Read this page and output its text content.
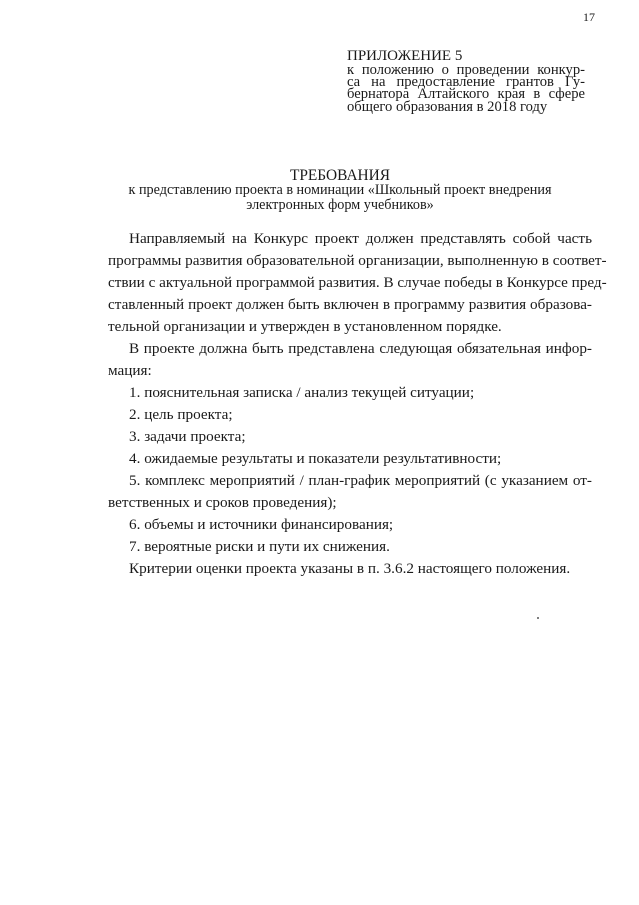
17
ПРИЛОЖЕНИЕ 5
к положению о проведении конкур-
са на предоставление грантов Гу-
бернатора Алтайского края в сфере
общего образования в 2018 году
ТРЕБОВАНИЯ
к представлению проекта в номинации «Школьный проект внедрения
электронных форм учебников»
Направляемый на Конкурс проект должен представлять собой часть
программы развития образовательной организации, выполненную в соответ-
ствии с актуальной программой развития. В случае победы в Конкурсе пред-
ставленный проект должен быть включен в программу развития образова-
тельной организации и утвержден в установленном порядке.
В проекте должна быть представлена следующая обязательная инфор-
мация:
1. пояснительная записка / анализ текущей ситуации;
2. цель проекта;
3. задачи проекта;
4. ожидаемые результаты и показатели результативности;
5. комплекс мероприятий / план-график мероприятий (с указанием от-
ветственных и сроков проведения);
6. объемы и источники финансирования;
7. вероятные риски и пути их снижения.
Критерии оценки проекта указаны в п. 3.6.2 настоящего положения.
